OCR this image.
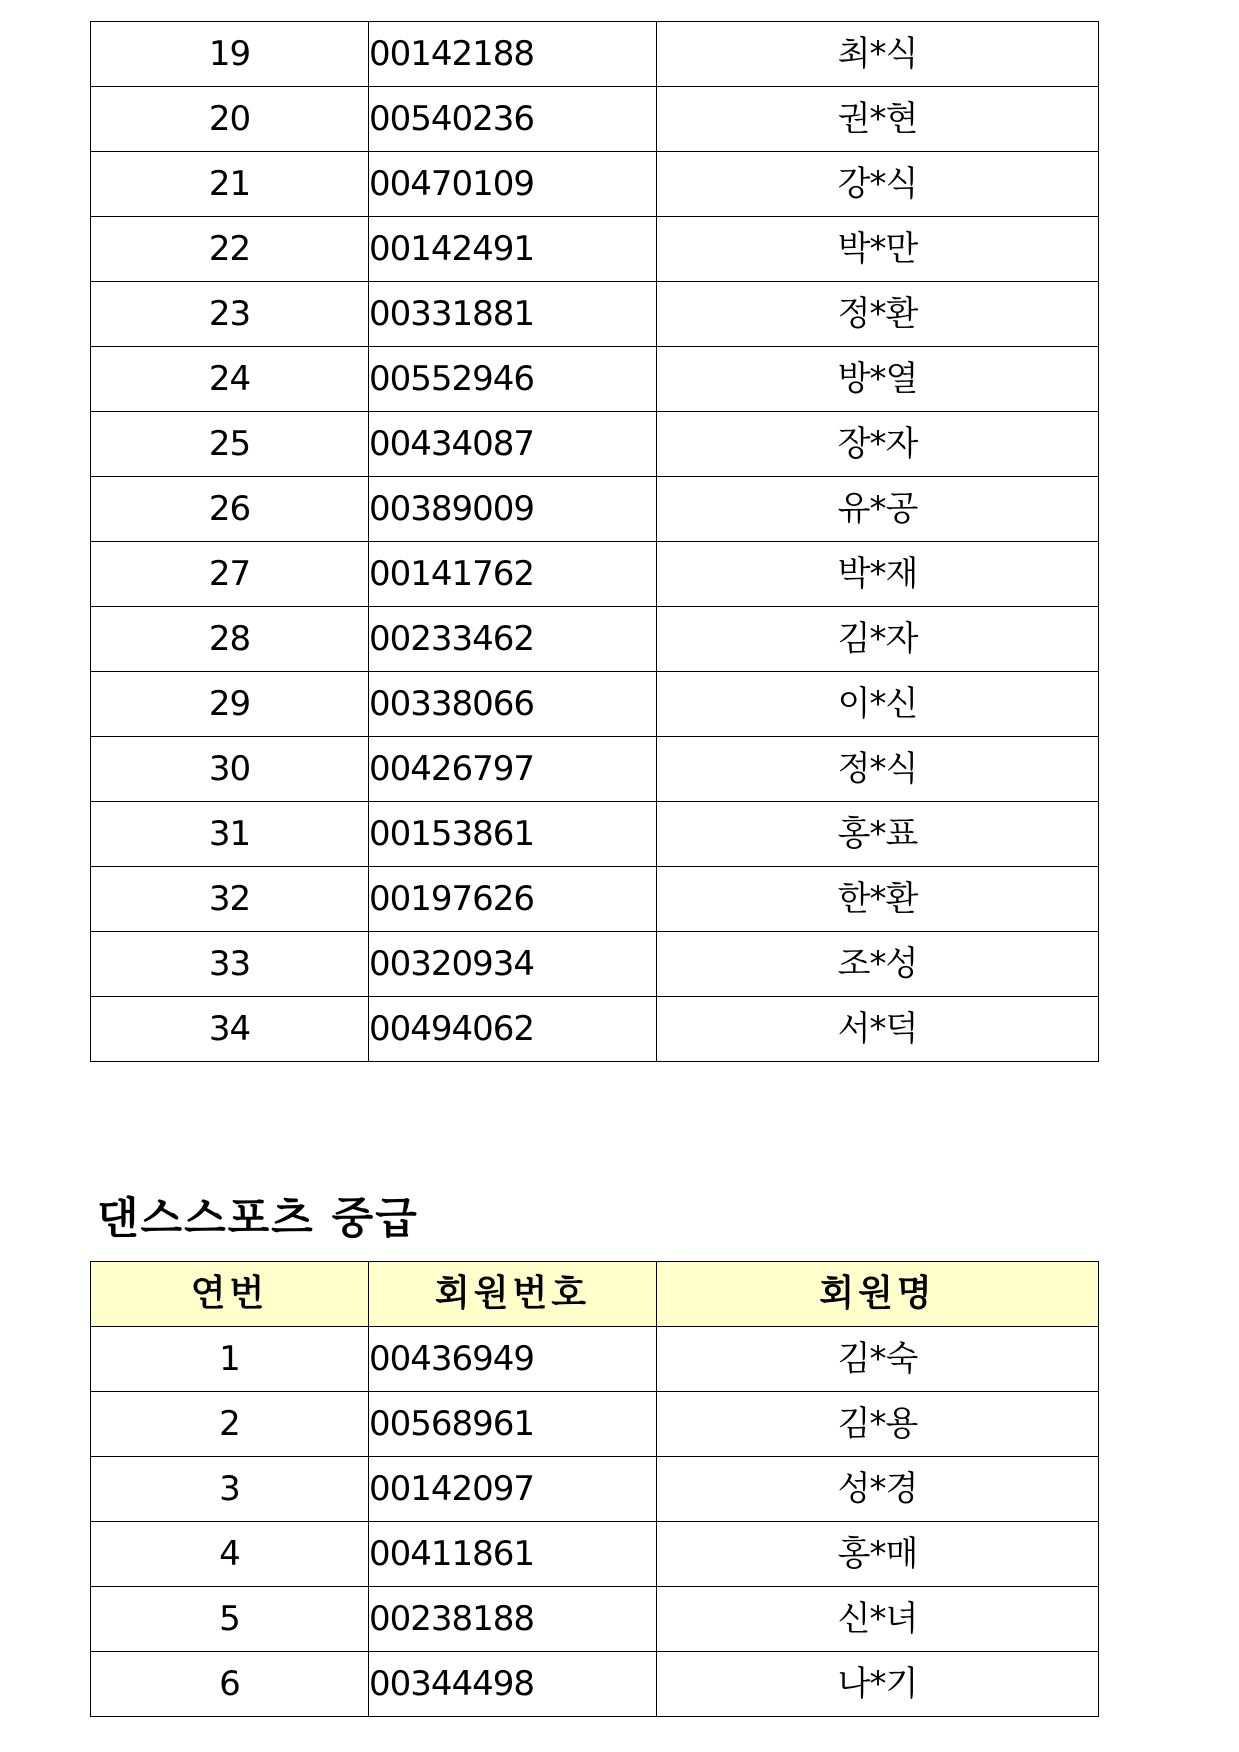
19	00142188	최*식
20	00540236	권*현
21	00470109	강*식
22	00142491	박*만
23	00331881	정*환
24	00552946	방*열
25	00434087	장*자
26	00389009	유*공
27	00141762	박*재
28	00233462	김*자
29	00338066	이*신
30	00426797	정*식
31	00153861	홍*표
32	00197626	한*환
33	00320934	조*성
34	00494062	서*덕
댄스스포츠 중급
연번	회원번호	회원명
1	00436949	김*숙
2	00568961	김*용
3	00142097	성*경
4	00411861	홍*매
5	00238188	신*녀
6	00344498	나*기
